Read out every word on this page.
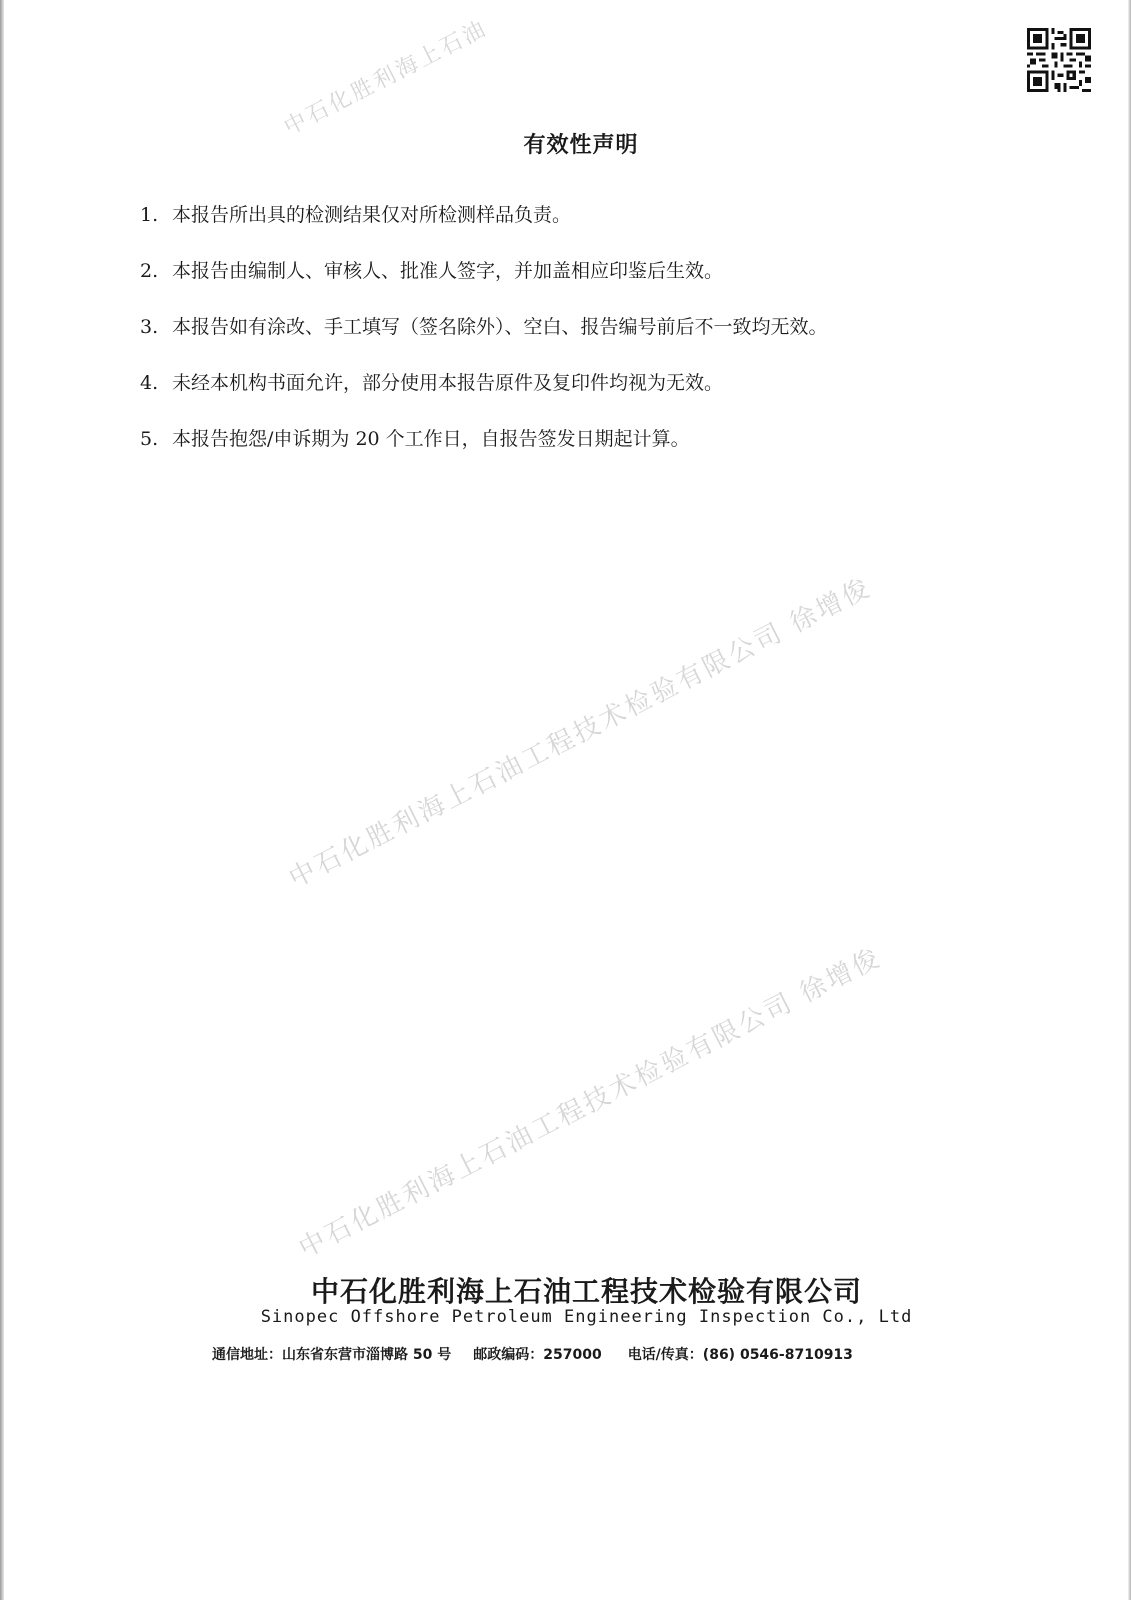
中石化胜利海上石油
中石化胜利海上石油工程技术检验有限公司 徐增俊
中石化胜利海上石油工程技术检验有限公司 徐增俊
有效性声明
1. 本报告所出具的检测结果仅对所检测样品负责。
2. 本报告由编制人、审核人、批准人签字，并加盖相应印鉴后生效。
3. 本报告如有涂改、手工填写（签名除外）、空白、报告编号前后不一致均无效。
4. 未经本机构书面允许，部分使用本报告原件及复印件均视为无效。
5. 本报告抱怨/申诉期为 20 个工作日，自报告签发日期起计算。
中石化胜利海上石油工程技术检验有限公司
Sinopec Offshore Petroleum Engineering Inspection Co., Ltd
通信地址：山东省东营市淄博路 50 号 邮政编码：257000 电话/传真：(86) 0546-8710913
